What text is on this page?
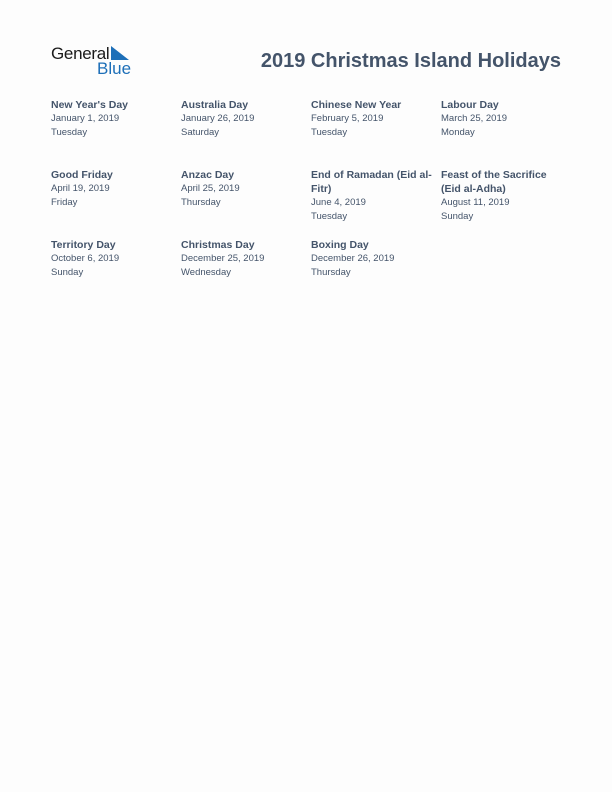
General
Blue	2019 Christmas Island Holidays
New Year's Day
January 1, 2019
Tuesday
Australia Day
January 26, 2019
Saturday
Chinese New Year
February 5, 2019
Tuesday
Labour Day
March 25, 2019
Monday
Good Friday
April 19, 2019
Friday
Anzac Day
April 25, 2019
Thursday
End of Ramadan (Eid al-Fitr)
June 4, 2019
Tuesday
Feast of the Sacrifice (Eid al-Adha)
August 11, 2019
Sunday
Territory Day
October 6, 2019
Sunday
Christmas Day
December 25, 2019
Wednesday
Boxing Day
December 26, 2019
Thursday
